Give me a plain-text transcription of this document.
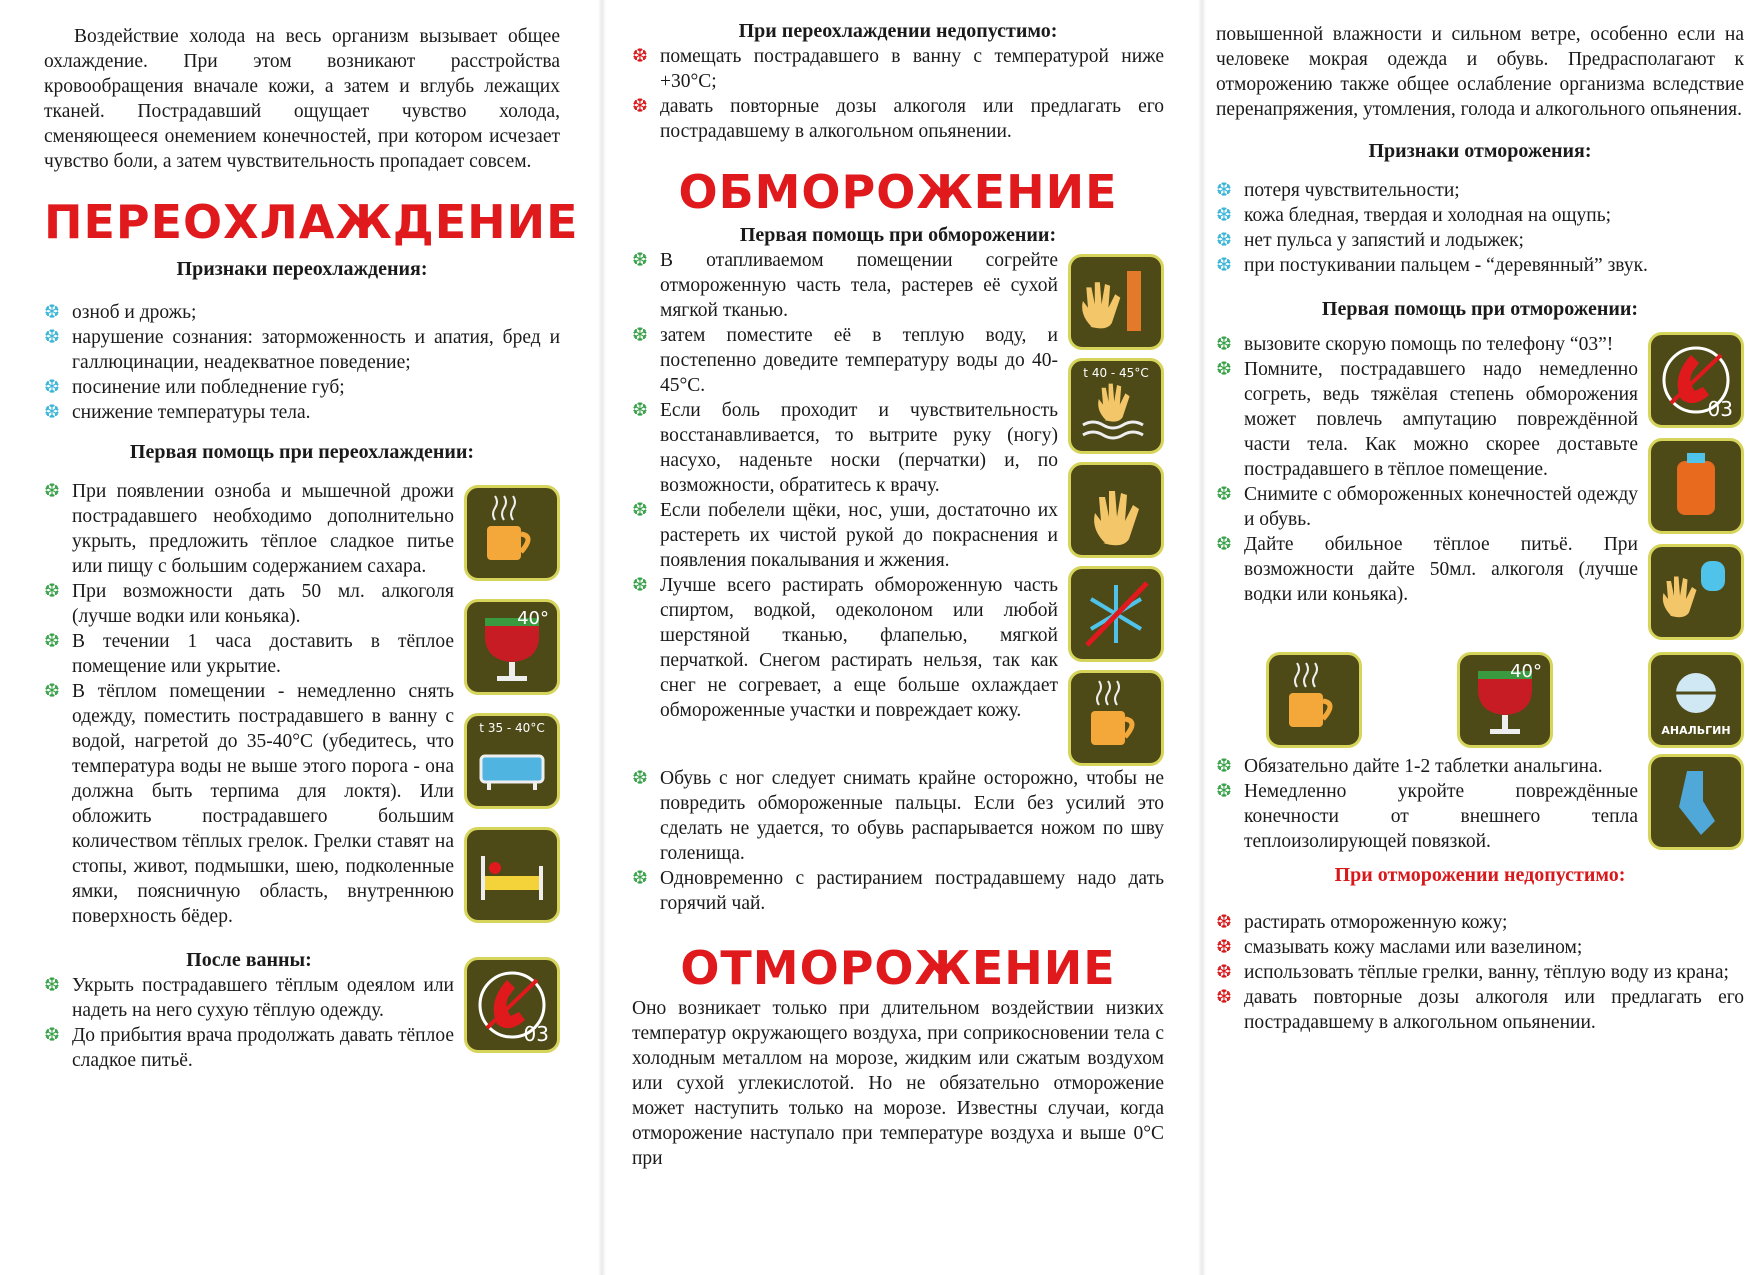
Воздействие холода на весь организм вызывает общее охлаждение. При этом возникают расстройства кровообращения вначале кожи, а затем и вглубь лежащих тканей. Пострадавший ощущает чувство холода, сменяющееся онемением конечностей, при котором исчезает чувство боли, а затем чувствительность пропадает совсем.

ПЕРЕОХЛАЖДЕНИЕ
Признаки переохлаждения:
❆ озноб и дрожь;
❆ нарушение сознания: заторможенность и апатия, бред и галлюцинации, неадекватное поведение;
❆ посинение или побледнение губ;
❆ снижение температуры тела.
Первая помощь при переохлаждении:
❆ При появлении озноба и мышечной дрожи пострадавшего необходимо дополнительно укрыть, предложить тёплое сладкое питье или пищу с большим содержанием сахара.
❆ При возможности дать 50 мл. алкоголя (лучше водки или коньяка).
❆ В течении 1 часа доставить в тёплое помещение или укрытие.
❆ В тёплом помещении - немедленно снять одежду, поместить пострадавшего в ванну с водой, нагретой до 35-40°С (убедитесь, что температура воды не выше этого порога - она должна быть терпима для локтя). Или обложить пострадавшего большим количеством тёплых грелок. Грелки ставят на стопы, живот, подмышки, шею, подколенные ямки, поясничную область, внутреннюю поверхность бёдер.
40°
t 35 - 40°C
После ванны:
❆ Укрыть пострадавшего тёплым одеялом или надеть на него сухую тёплую одежду.
❆ До прибытия врача продолжать давать тёплое сладкое питьё.
03
При переохлаждении недопустимо:
❆ помещать пострадавшего в ванну с температурой ниже +30°С;
❆ давать повторные дозы алкоголя или предлагать его пострадавшему в алкогольном опьянении.
ОБМОРОЖЕНИЕ
Первая помощь при обморожении:
❆ В отапливаемом помещении согрейте отмороженную часть тела, растерев её сухой мягкой тканью.
❆ затем поместите её в теплую воду, и постепенно доведите температуру воды до 40-45°С.
❆ Если боль проходит и чувствительность восстанавливается, то вытрите руку (ногу) насухо, наденьте носки (перчатки) и, по возможности, обратитесь к врачу.
❆ Если побелели щёки, нос, уши, достаточно их растереть их чистой рукой до покраснения и появления покалывания и жжения.
❆ Лучше всего растирать обмороженную часть спиртом, водкой, одеколоном или любой шерстяной тканью, флапелью, мягкой перчаткой. Снегом растирать нельзя, так как снег не согревает, а еще больше охлаждает обмороженные участки и повреждает кожу.
t 40 - 45°C
❆ Обувь с ног следует снимать крайне осторожно, чтобы не повредить обмороженные пальцы. Если без усилий это сделать не удается, то обувь распарывается ножом по шву голенища.
❆ Одновременно с растиранием пострадавшему надо дать горячий чай.
ОТМОРОЖЕНИЕ

Оно возникает только при длительном воздействии низких температур окружающего воздуха, при соприкосновении тела с холодным металлом на морозе, жидким или сжатым воздухом или сухой углекислотой. Но не обязательно отморожение может наступить только на морозе. Известны случаи, когда отморожение наступало при температуре воздуха и выше 0°С при

повышенной влажности и сильном ветре, особенно если на человеке мокрая одежда и обувь. Предрасполагают к отморожению также общее ослабление организма вследствие перенапряжения, утомления, голода и алкогольного опьянения.

Признаки отморожения:
❆ потеря чувствительности;
❆ кожа бледная, твердая и холодная на ощупь;
❆ нет пульса у запястий и лодыжек;
❆ при постукивании пальцем - “деревянный” звук.
Первая помощь при отморожении:
❆ вызовите скорую помощь по телефону “03”!
❆ Помните, пострадавшего надо немедленно согреть, ведь тяжёлая степень обморожения может повлечь ампутацию повреждённой части тела. Как можно скорее доставьте пострадавшего в тёплое помещение.
❆ Снимите с обмороженных конечностей одежду и обувь.
❆ Дайте обильное тёплое питьё. При возможности дайте 50мл. алкоголя (лучше водки или коньяка).
03
40°
АНАЛЬГИН
❆ Обязательно дайте 1-2 таблетки анальгина.
❆ Немедленно укройте повреждённые конечности от внешнего тепла теплоизолирующей повязкой.
При отморожении недопустимо:
❆ растирать отмороженную кожу;
❆ смазывать кожу маслами или вазелином;
❆ использовать тёплые грелки, ванну, тёплую воду из крана;
❆ давать повторные дозы алкоголя или предлагать его пострадавшему в алкогольном опьянении.
